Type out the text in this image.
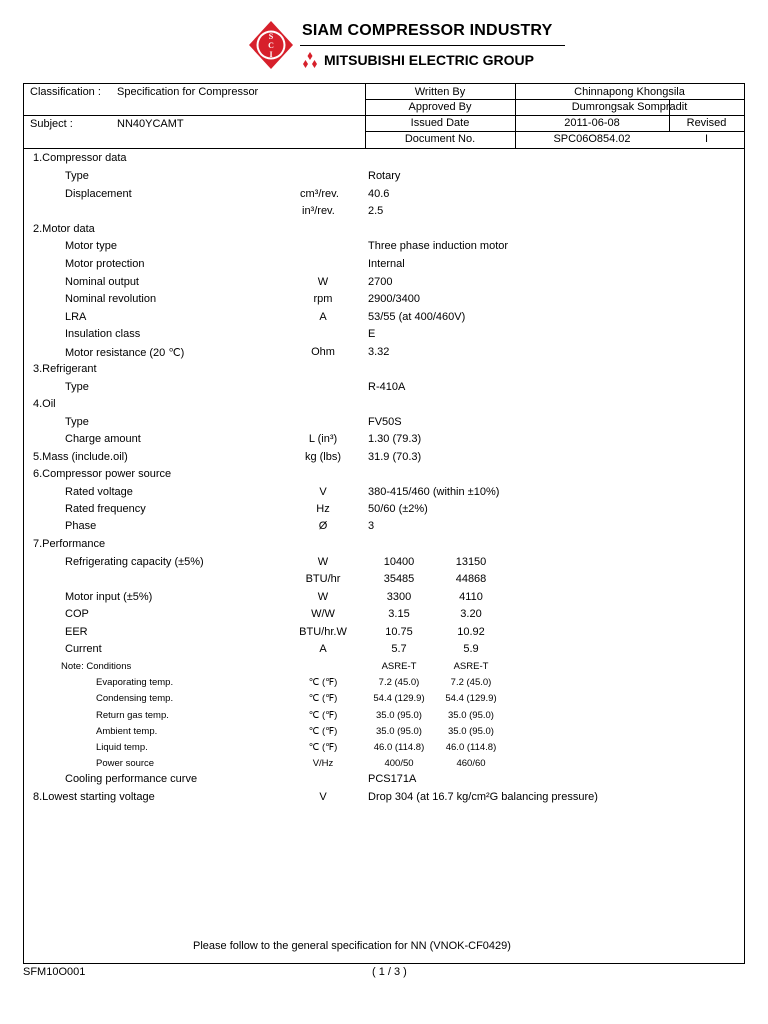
S
C
I
SIAM COMPRESSOR INDUSTRY
MITSUBISHI ELECTRIC GROUP
Classification : Specification for Compressor
Subject :	NN40YCAMT
Written By	Chinnapong Khongsila
Approved By	Dumrongsak Sompradit
Issued Date	2011-06-08	Revised
Document No.	SPC06O854.02	I
1.Compressor data
Type	Rotary
Displacement	cm³/rev.	40.6
in³/rev.	2.5
2.Motor data
Motor type	Three phase induction motor
Motor protection	Internal
Nominal output	W	2700
Nominal revolution	rpm	2900/3400
LRA	A	53/55 (at 400/460V)
Insulation class	E
Motor resistance (20 ℃)	Ohm	3.32
3.Refrigerant
Type	R-410A
4.Oil
Type	FV50S
Charge amount	L (in³)	1.30 (79.3)
5.Mass (include.oil)	kg (lbs)	31.9 (70.3)
6.Compressor power source
Rated voltage	V	380-415/460 (within ±10%)
Rated frequency	Hz	50/60 (±2%)
Phase	Ø	3
7.Performance
Refrigerating capacity (±5%)	W	10400	13150
BTU/hr	35485	44868
Motor input (±5%)	W	3300	4110
COP	W/W	3.15	3.20
EER	BTU/hr.W	10.75	10.92
Current	A	5.7	5.9
Note: Conditions	ASRE-T	ASRE-T
Evaporating temp.	℃ (℉)	7.2 (45.0)	7.2 (45.0)
Condensing temp.	℃ (℉)	54.4 (129.9)	54.4 (129.9)
Return gas temp.	℃ (℉)	35.0 (95.0)	35.0 (95.0)
Ambient temp.	℃ (℉)	35.0 (95.0)	35.0 (95.0)
Liquid temp.	℃ (℉)	46.0 (114.8)	46.0 (114.8)
Power source	V/Hz	400/50	460/60
Cooling performance curve	PCS171A
8.Lowest starting voltage	V	Drop 304 (at 16.7 kg/cm²G balancing pressure)
Please follow to the general specification for NN (VNOK-CF0429)
SFM10O001	( 1 / 3 )
